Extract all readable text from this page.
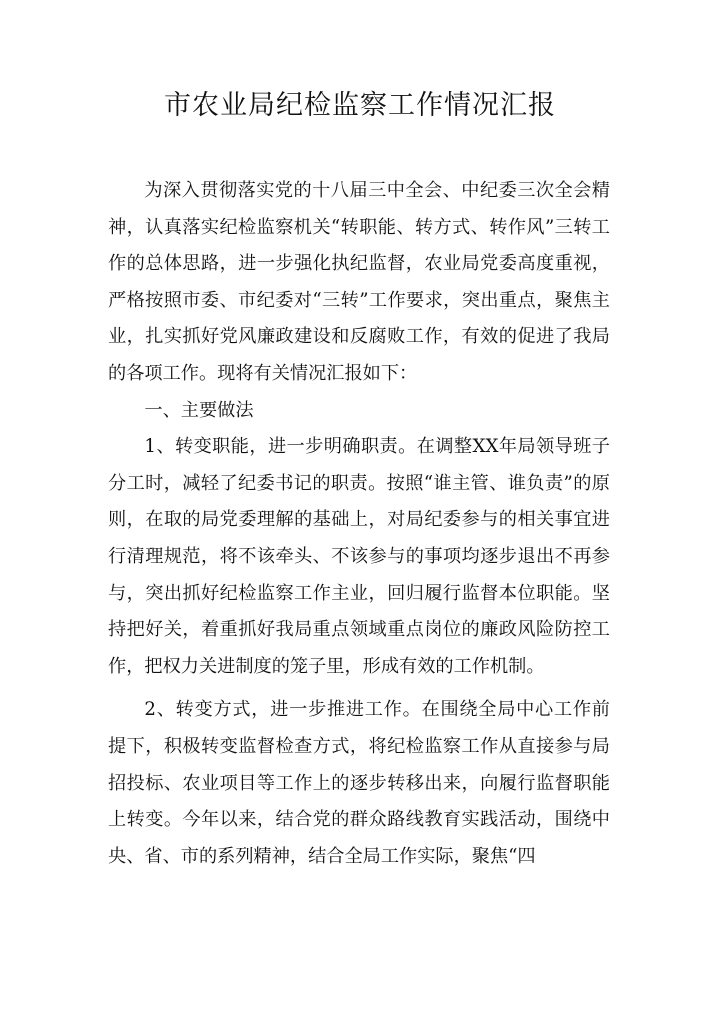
市农业局纪检监察工作情况汇报

为深入贯彻落实党的十八届三中全会、中纪委三次全会精神，认真落实纪检监察机关“转职能、转方式、转作风”三转工作的总体思路，进一步强化执纪监督，农业局党委高度重视，严格按照市委、市纪委对“三转”工作要求，突出重点，聚焦主业，扎实抓好党风廉政建设和反腐败工作，有效的促进了我局的各项工作。现将有关情况汇报如下：

一、主要做法

1、转变职能，进一步明确职责。在调整XX年局领导班子分工时，减轻了纪委书记的职责。按照“谁主管、谁负责”的原则，在取的局党委理解的基础上，对局纪委参与的相关事宜进行清理规范，将不该牵头、不该参与的事项均逐步退出不再参与，突出抓好纪检监察工作主业，回归履行监督本位职能。坚持把好关，着重抓好我局重点领域重点岗位的廉政风险防控工作，把权力关进制度的笼子里，形成有效的工作机制。

2、转变方式，进一步推进工作。在围绕全局中心工作前提下，积极转变监督检查方式，将纪检监察工作从直接参与局招投标、农业项目等工作上的逐步转移出来，向履行监督职能上转变。今年以来，结合党的群众路线教育实践活动，围绕中央、省、市的系列精神，结合全局工作实际，聚焦“四
